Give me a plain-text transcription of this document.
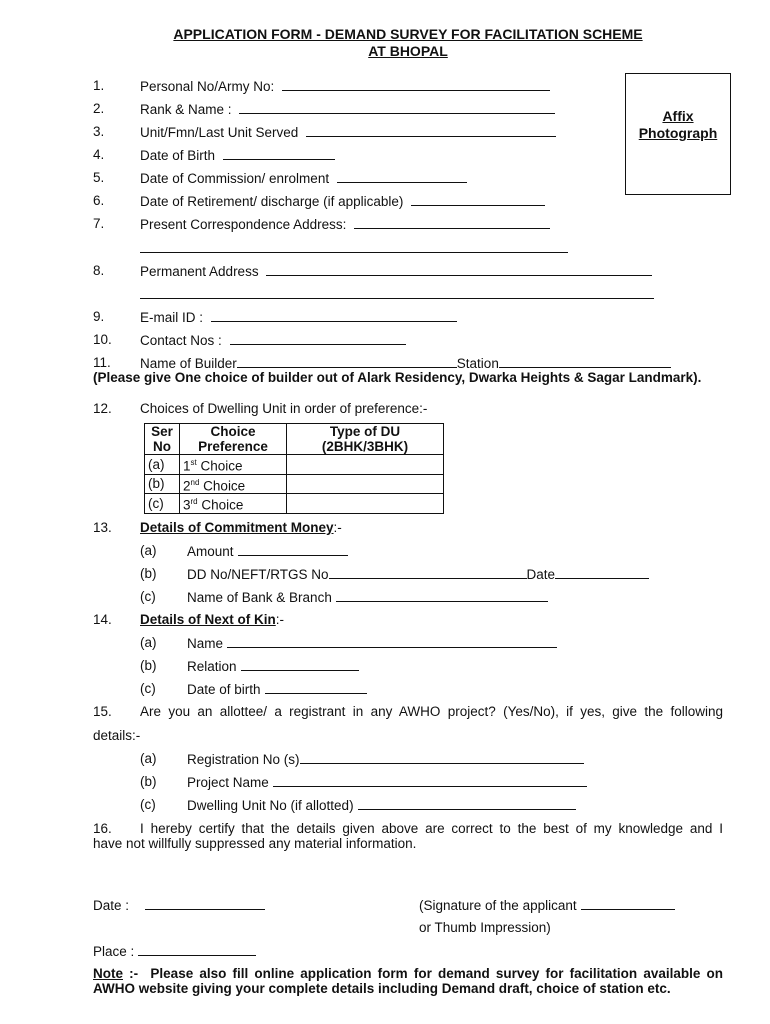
APPLICATION FORM - DEMAND SURVEY FOR FACILITATION SCHEME
AT BHOPAL
Affix Photograph
1.	Personal No/Army No:
2.	Rank & Name :
3.	Unit/Fmn/Last Unit Served
4.	Date of Birth
5.	Date of Commission/ enrolment
6.	Date of Retirement/ discharge (if applicable)
7.	Present Correspondence Address:
8.	Permanent Address
9.	E-mail ID :
10. Contact Nos :
11. Name of Builder	Station
(Please give One choice of builder out of Alark Residency, Dwarka Heights & Sagar Landmark).
12. Choices of Dwelling Unit in order of preference:-
Ser No	Choice Preference	Type of DU (2BHK/3BHK)
(a)	1st Choice	
(b)	2nd Choice	
(c)	3rd Choice	
13. Details of Commitment Money:-
(a) Amount
(b) DD No/NEFT/RTGS No	Date
(c) Name of Bank & Branch
14. Details of Next of Kin:-
(a) Name
(b) Relation
(c) Date of birth
15. Are you an allottee/ a registrant in any AWHO project? (Yes/No), if yes, give the following
details:-
(a) Registration No (s)
(b) Project Name
(c) Dwelling Unit No (if allotted)
16. I hereby certify that the details given above are correct to the best of my knowledge and I
have not willfully suppressed any material information.
Date :	(Signature of the applicant
or Thumb Impression)
Place :
Note :-  Please also fill online application form for demand survey for facilitation available on
AWHO website giving your complete details including Demand draft, choice of station etc.
